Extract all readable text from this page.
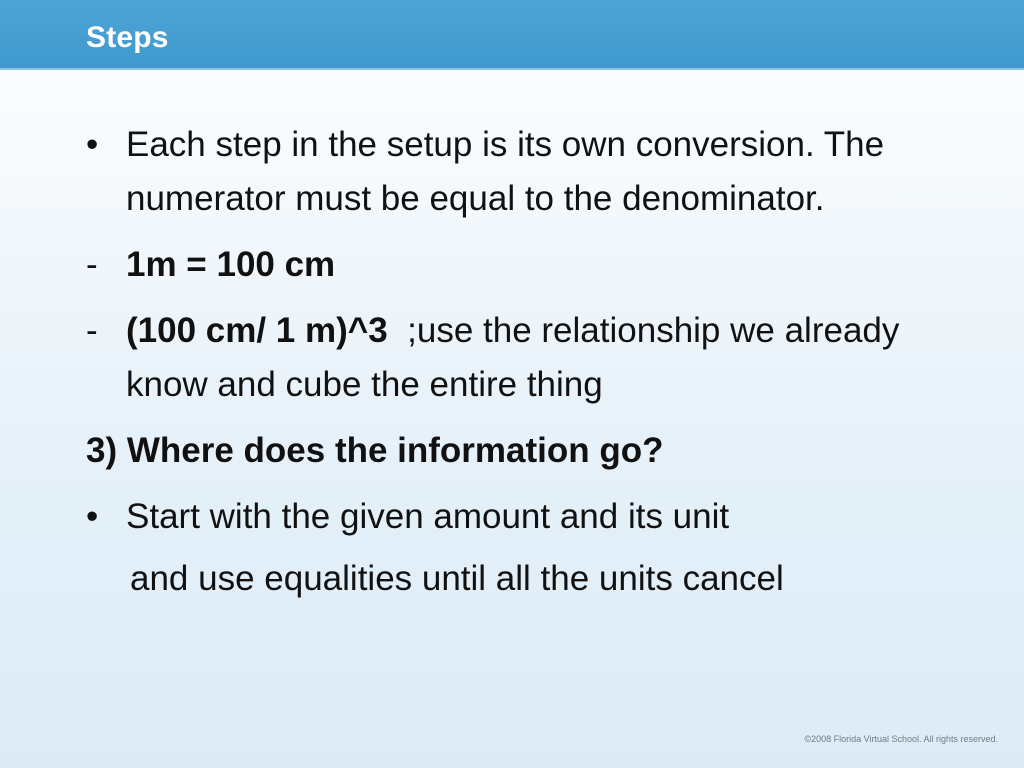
Steps
• Each step in the setup is its own conversion. The numerator must be equal to the denominator.
- 1m = 100 cm
- (100 cm/ 1 m)^3 ;use the relationship we already know and cube the entire thing
3) Where does the information go?
• Start with the given amount and its unit
and use equalities until all the units cancel
©2008 Florida Virtual School. All rights reserved.
